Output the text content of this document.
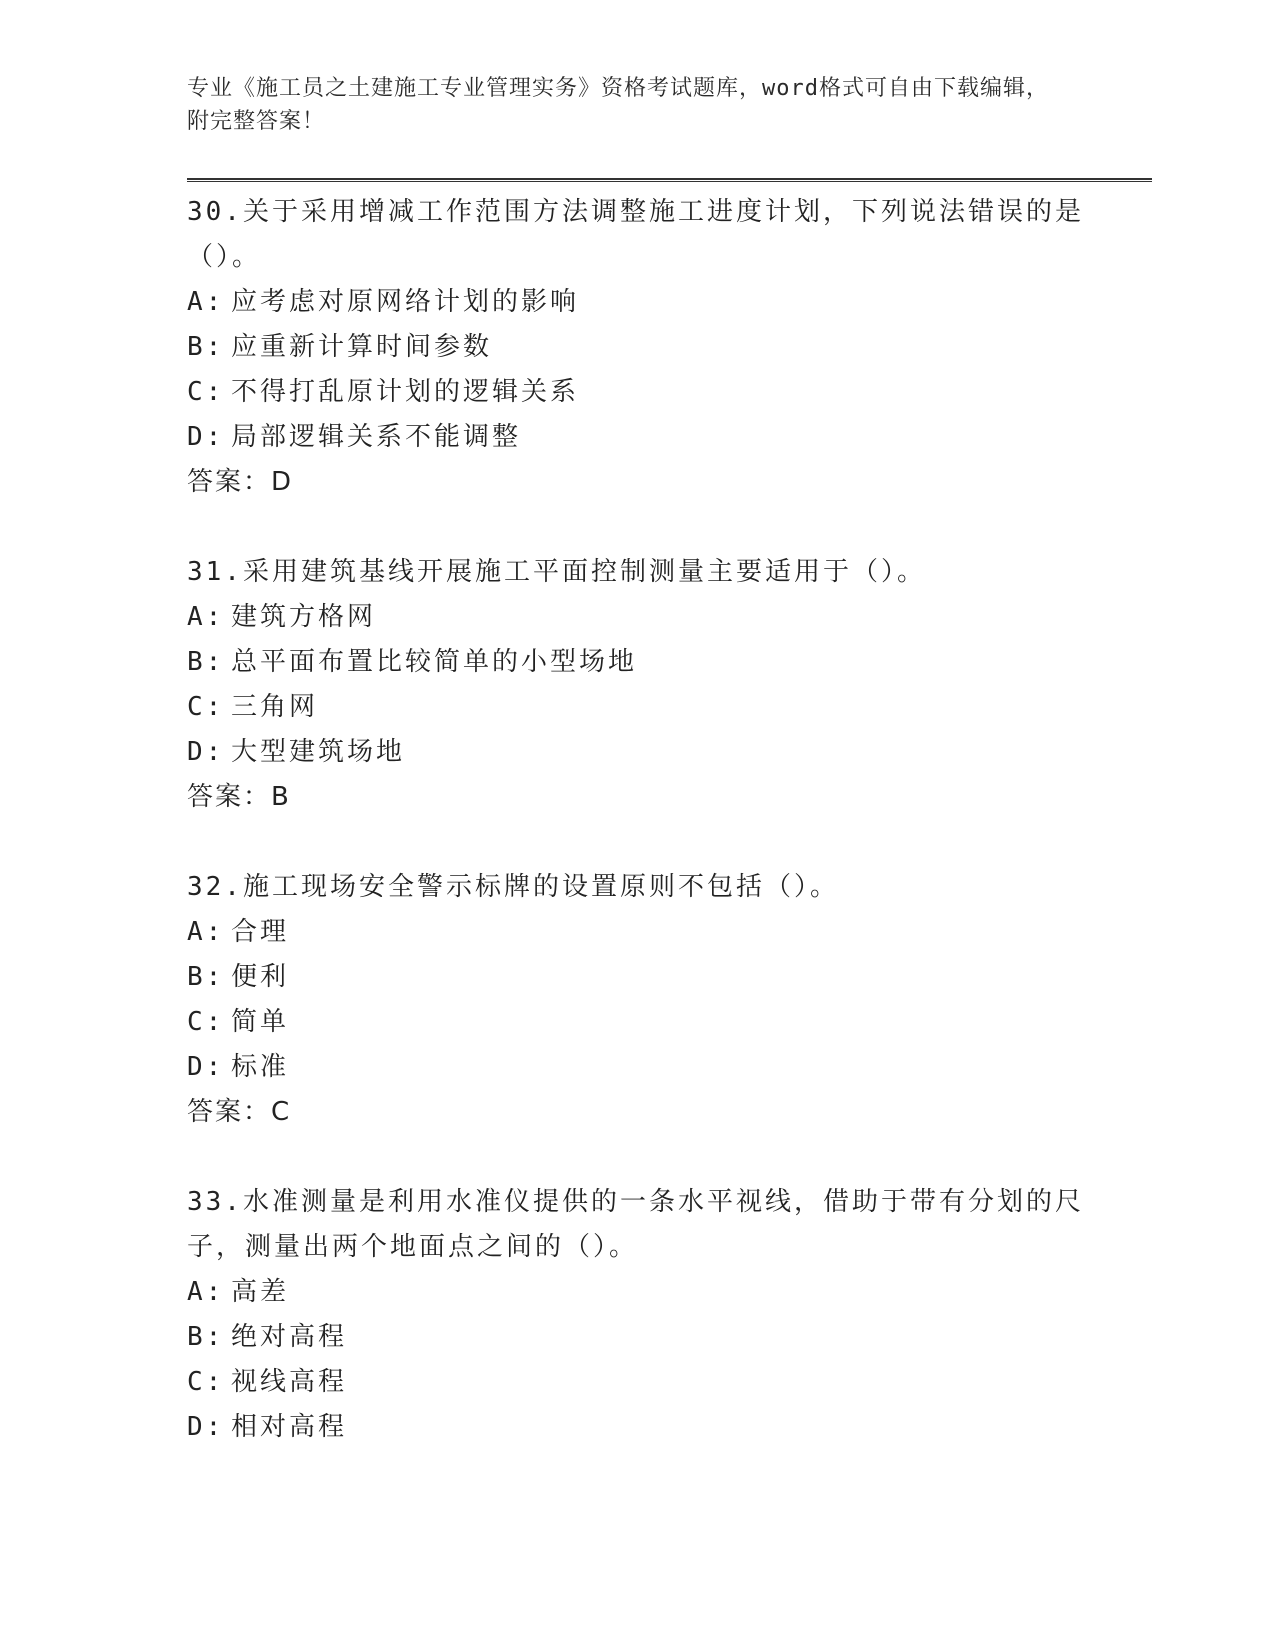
专业《施工员之土建施工专业管理实务》资格考试题库，word格式可自由下载编辑，附完整答案！

30.关于采用增减工作范围方法调整施工进度计划，下列说法错误的是（）。

A: 应考虑对原网络计划的影响

B: 应重新计算时间参数

C: 不得打乱原计划的逻辑关系

D: 局部逻辑关系不能调整

答案：D

31.采用建筑基线开展施工平面控制测量主要适用于（）。

A: 建筑方格网

B: 总平面布置比较简单的小型场地

C: 三角网

D: 大型建筑场地

答案：B

32.施工现场安全警示标牌的设置原则不包括（）。

A: 合理

B: 便利

C: 简单

D: 标准

答案：C

33.水准测量是利用水准仪提供的一条水平视线，借助于带有分划的尺子，测量出两个地面点之间的（）。

A: 高差

B: 绝对高程

C: 视线高程

D: 相对高程
